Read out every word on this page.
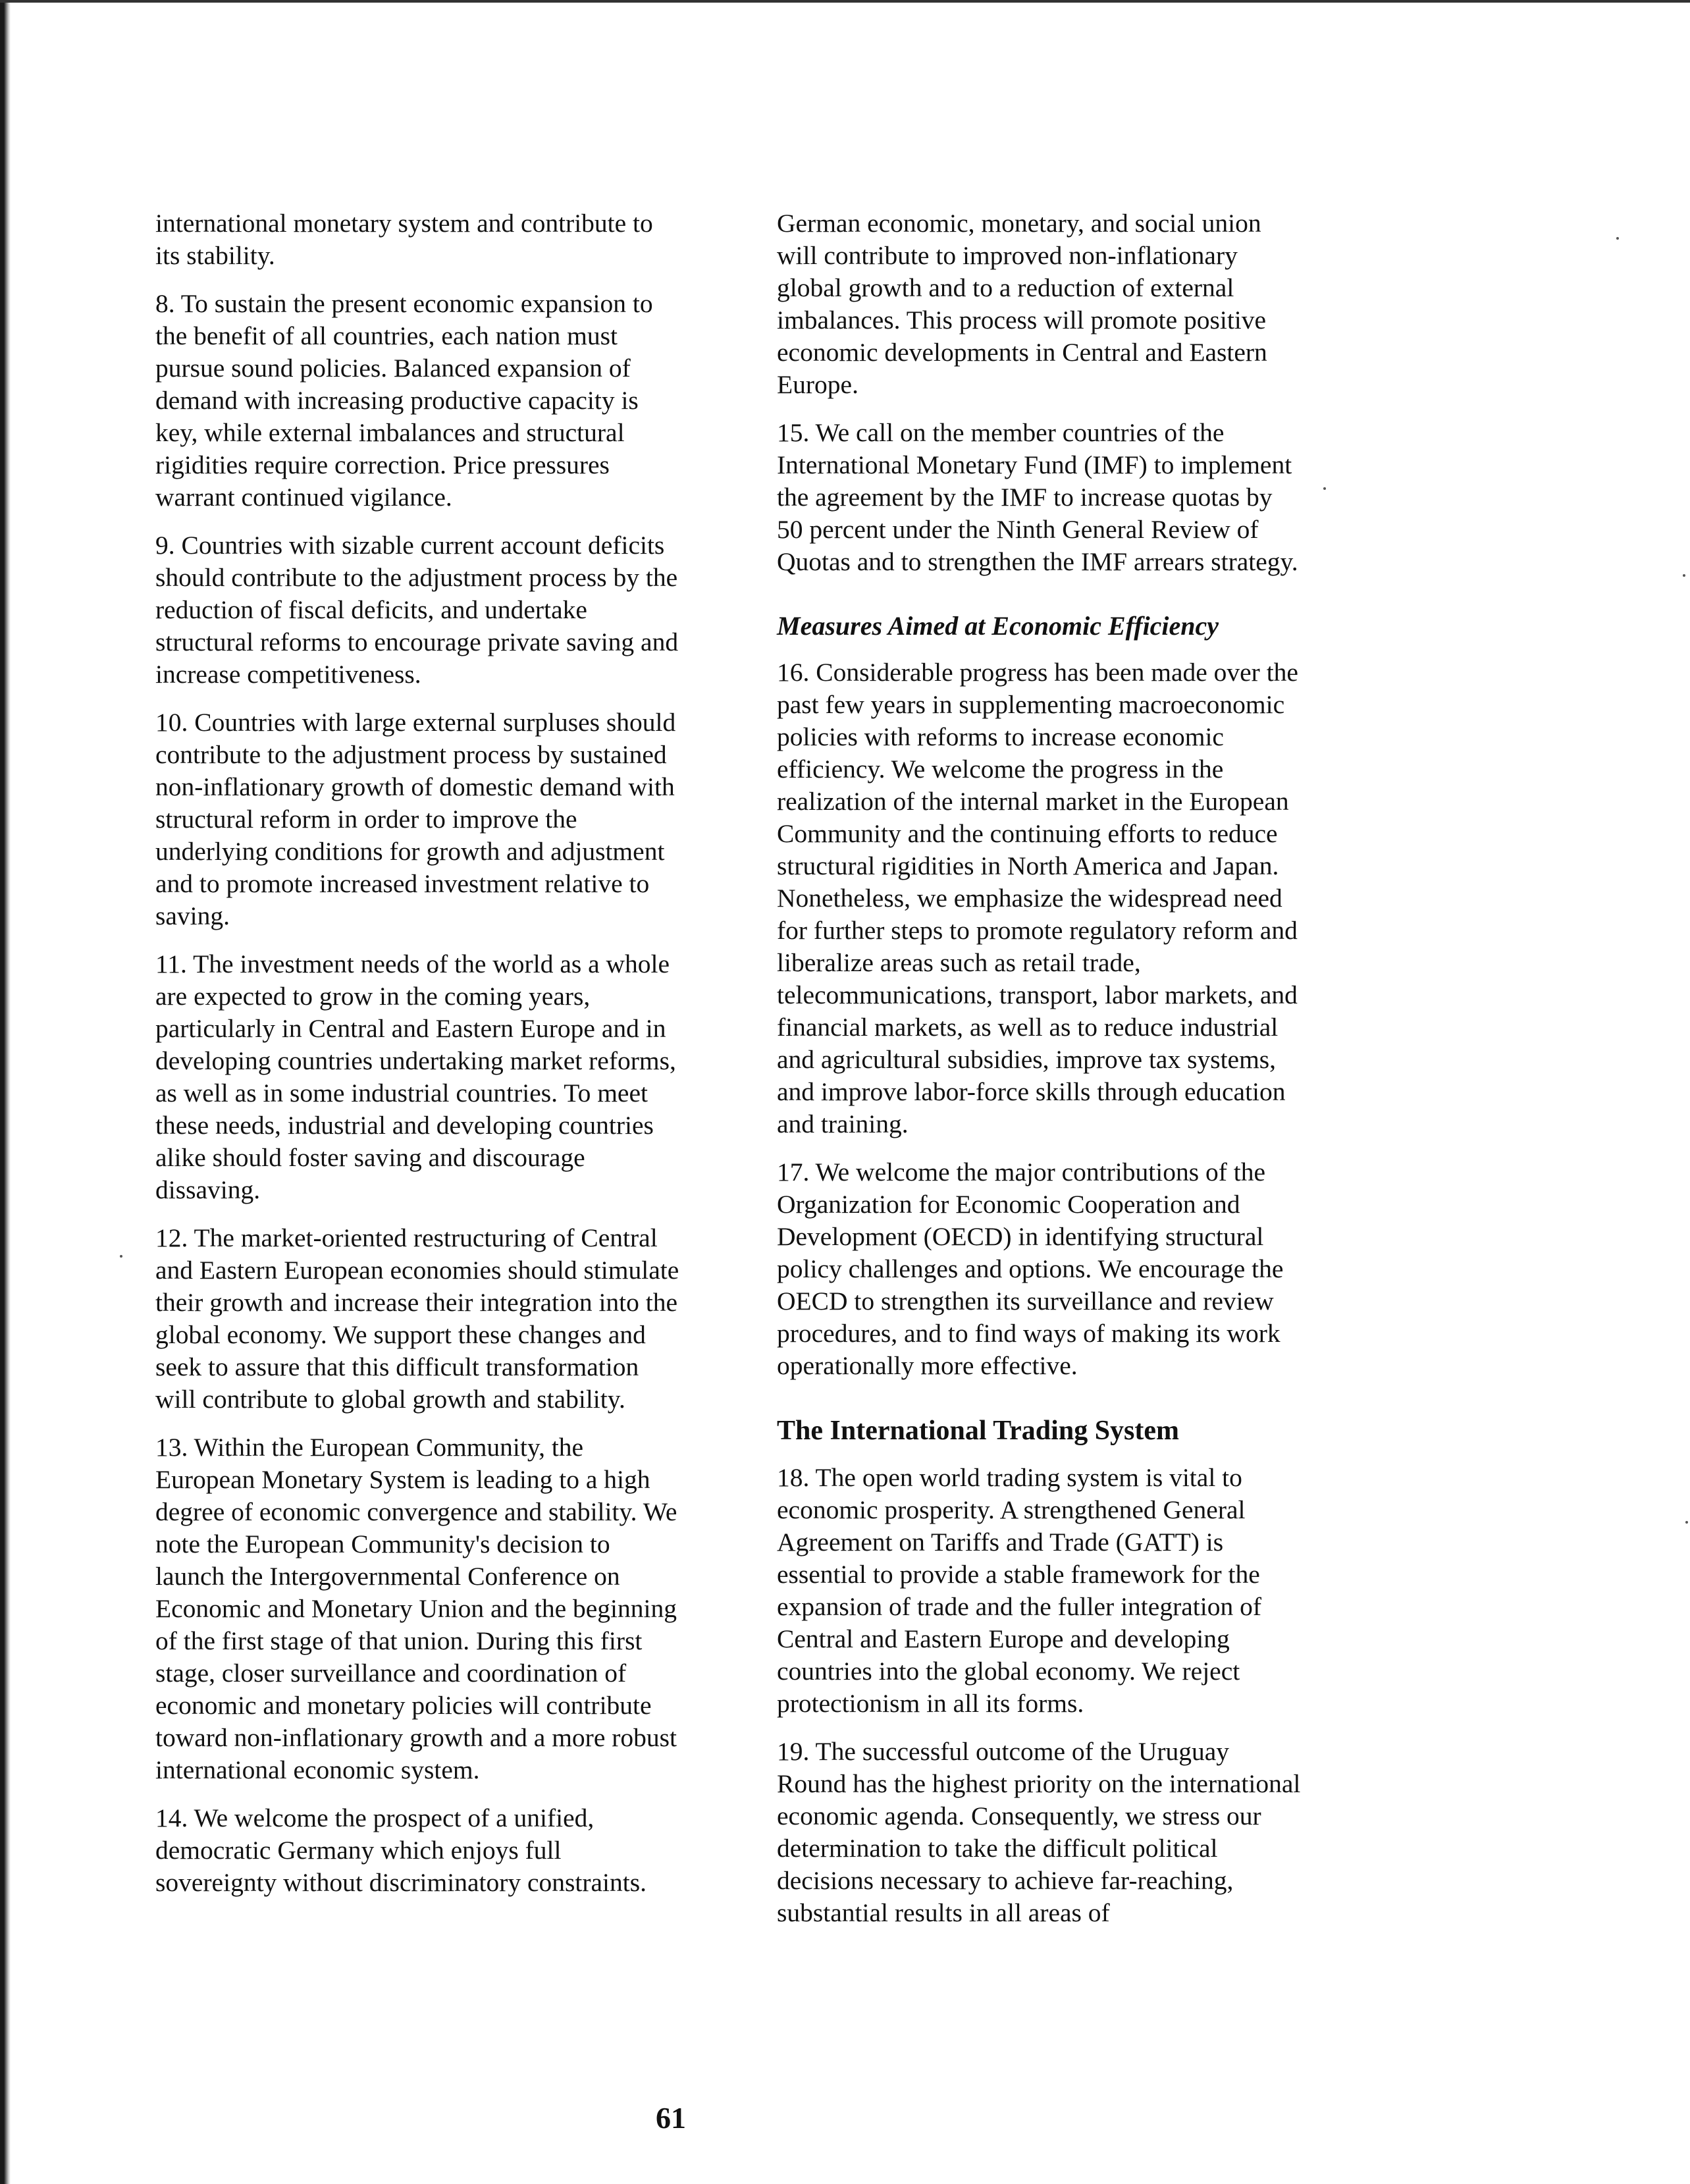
international monetary system and contribute to its stability.

8. To sustain the present economic expansion to the benefit of all countries, each nation must pursue sound policies. Balanced expansion of demand with increasing productive capacity is key, while external imbalances and structural rigidities require correction. Price pressures warrant continued vigilance.

9. Countries with sizable current account deficits should contribute to the adjustment process by the reduction of fiscal deficits, and undertake structural reforms to encourage private saving and increase competitiveness.

10. Countries with large external surpluses should contribute to the adjustment process by sustained non-inflationary growth of domestic demand with structural reform in order to improve the underlying conditions for growth and adjustment and to promote increased investment relative to saving.

11. The investment needs of the world as a whole are expected to grow in the coming years, particularly in Central and Eastern Europe and in developing countries undertaking market reforms, as well as in some industrial countries. To meet these needs, industrial and developing countries alike should foster saving and discourage dissaving.

12. The market-oriented restructuring of Central and Eastern European economies should stimulate their growth and increase their integration into the global economy. We support these changes and seek to assure that this difficult transformation will contribute to global growth and stability.

13. Within the European Community, the European Monetary System is leading to a high degree of economic convergence and stability. We note the European Community's decision to launch the Intergovernmental Conference on Economic and Monetary Union and the beginning of the first stage of that union. During this first stage, closer surveillance and coordination of economic and monetary policies will contribute toward non-inflationary growth and a more robust international economic system.

14. We welcome the prospect of a unified, democratic Germany which enjoys full sovereignty without discriminatory constraints.

German economic, monetary, and social union will contribute to improved non-inflationary global growth and to a reduction of external imbalances. This process will promote positive economic developments in Central and Eastern Europe.

15. We call on the member countries of the International Monetary Fund (IMF) to implement the agreement by the IMF to increase quotas by 50 percent under the Ninth General Review of Quotas and to strengthen the IMF arrears strategy.

Measures Aimed at Economic Efficiency

16. Considerable progress has been made over the past few years in supplementing macroeconomic policies with reforms to increase economic efficiency. We welcome the progress in the realization of the internal market in the European Community and the continuing efforts to reduce structural rigidities in North America and Japan. Nonetheless, we emphasize the widespread need for further steps to promote regulatory reform and liberalize areas such as retail trade, telecommunications, transport, labor markets, and financial markets, as well as to reduce industrial and agricultural subsidies, improve tax systems, and improve labor-force skills through education and training.

17. We welcome the major contributions of the Organization for Economic Cooperation and Development (OECD) in identifying structural policy challenges and options. We encourage the OECD to strengthen its surveillance and review procedures, and to find ways of making its work operationally more effective.

The International Trading System

18. The open world trading system is vital to economic prosperity. A strengthened General Agreement on Tariffs and Trade (GATT) is essential to provide a stable framework for the expansion of trade and the fuller integration of Central and Eastern Europe and developing countries into the global economy. We reject protectionism in all its forms.

19. The successful outcome of the Uruguay Round has the highest priority on the international economic agenda. Consequently, we stress our determination to take the difficult political decisions necessary to achieve far-reaching, substantial results in all areas of

61
